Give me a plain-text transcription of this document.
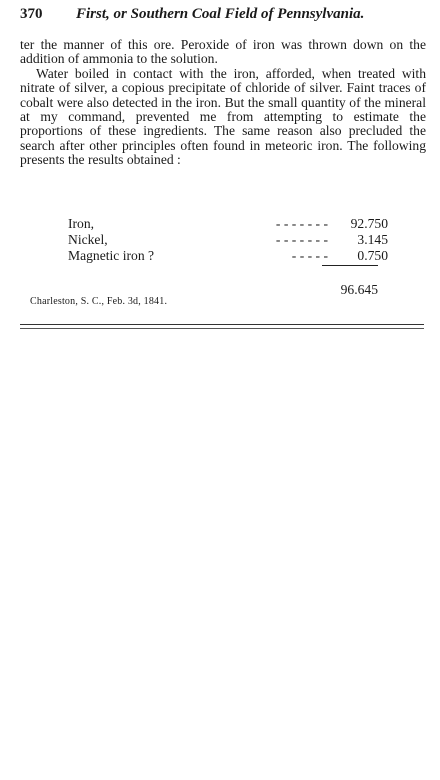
370 First, or Southern Coal Field of Pennsylvania.

ter the manner of this ore. Peroxide of iron was thrown down on the addition of ammonia to the solution.

Water boiled in contact with the iron, afforded, when treated with nitrate of silver, a copious precipitate of chloride of silver. Faint traces of cobalt were also detected in the iron. But the small quantity of the mineral at my command, prevented me from attempting to estimate the proportions of these ingredients. The same reason also precluded the search after other principles often found in meteoric iron. The following presents the results obtained :

Iron,	- - - - - - -	92.750
Nickel,	- - - - - - -	3.145
Magnetic iron ?	- - - - -	0.750
96.645
Charleston, S. C., Feb. 3d, 1841.
